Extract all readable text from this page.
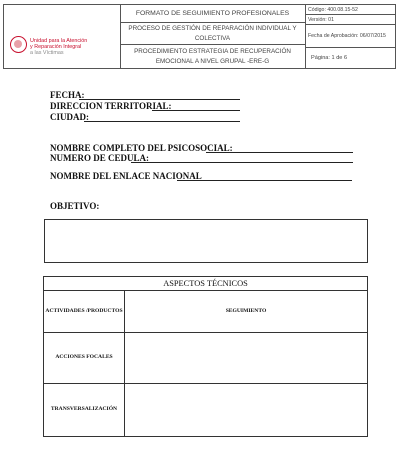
Unidad para la Atención
y Reparación Integral
a las Víctimas
FORMATO DE SEGUIMIENTO PROFESIONALES
PROCESO DE GESTIÓN DE REPARACIÓN INDIVIDUAL Y COLECTIVA
PROCEDIMIENTO ESTRATEGIA DE RECUPERACIÓN EMOCIONAL A NIVEL GRUPAL -ERE-G
Código: 400.08.15-52
Versión: 01
Fecha de Aprobación: 06/07/2015
Página: 1 de 6
FECHA:
DIRECCION TERRITORIAL:
CIUDAD:
NOMBRE COMPLETO DEL PSICOSOCIAL:
NUMERO DE CEDULA:
NOMBRE DEL ENLACE NACIONAL
OBJETIVO:
ASPECTOS TÉCNICOS
ACTIVIDADES /PRODUCTOS	SEGUIMIENTO
ACCIONES FOCALES
TRANSVERSALIZACIÓN
